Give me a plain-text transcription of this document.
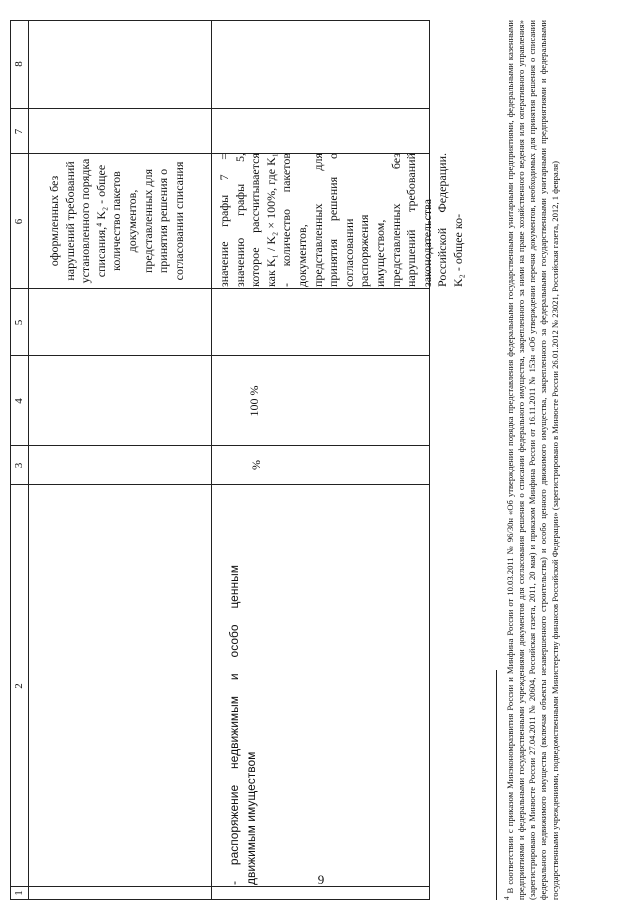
9
1
2
3
4
5
6
7
8
оформленных без нарушений требований установленного порядка списания,⁴ K₂ - общее количество пакетов документов, представленных для принятия решения о согласовании списания
- распоряжение недвижимым и особо ценным движимым имуществом
%
100 %
значение графы 7 = значению графы 5, которое рассчитывается как K₁ / K₂ × 100%, где K₁ - количество пакетов документов, представленных для принятия решения о согласовании распоряжения имуществом, представленных без нарушений требований законодательства Российской Федерации. K₂ - общее ко-
$^4$ В соответствии с приказом Минэкономразвития России и Минфина России от 10.03.2011 № 96/30н «Об утверждении порядка представления федеральными государственными унитарными предприятиями, федеральными казенными предприятиями и федеральными государственными учреждениями документов для согласования решения о списании федерального имущества, закрепленного за ними на праве хозяйственного ведения или оперативного управления» (зарегистрировано в Минюсте России 27.04.2011 № 20604, Российская газета, 2011, 20 мая) и приказом Минфина России от 16.11.2011 № 153н «Об утверждении перечня документов, необходимых для принятия решения о списании федерального недвижимого имущества (включая объекты незавершенного строительства) и особо ценного движимого имущества, закрепленного за федеральными государственными унитарными предприятиями и федеральными государственными учреждениями, подведомственными Министерству финансов Российской Федерации» (зарегистрировано в Минюсте России 26.01.2012 № 23021, Российская газета, 2012, 1 февраля)
